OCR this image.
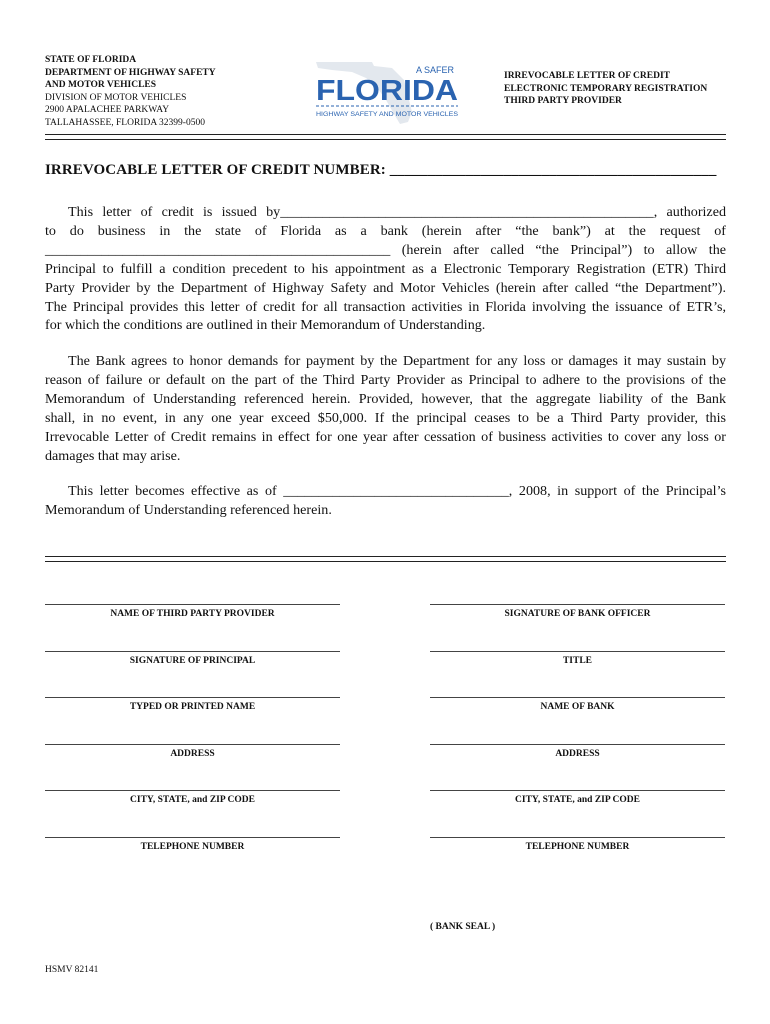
STATE OF FLORIDA
DEPARTMENT OF HIGHWAY SAFETY
AND MOTOR VEHICLES
DIVISION OF MOTOR VEHICLES
2900 APALACHEE PARKWAY
TALLAHASSEE, FLORIDA 32399-0500
A SAFER
FLORIDA
HIGHWAY SAFETY AND MOTOR VEHICLES
IRREVOCABLE LETTER OF CREDIT
ELECTRONIC TEMPORARY REGISTRATION
THIRD PARTY PROVIDER
IRREVOCABLE LETTER OF CREDIT NUMBER: ___________________________________________
This letter of credit is issued by_____________________________________________________, authorized
to do business in the state of Florida as a bank (herein after “the bank”) at the request of
_________________________________________________ (herein after called “the Principal”) to allow the
Principal to fulfill a condition precedent to his appointment as a Electronic Temporary Registration (ETR) Third
Party Provider by the Department of Highway Safety and Motor Vehicles (herein after called “the Department”).
The Principal provides this letter of credit for all transaction activities in Florida involving the issuance of ETR’s,
for which the conditions are outlined in their Memorandum of Understanding.
The Bank agrees to honor demands for payment by the Department for any loss or damages it may sustain by
reason of failure or default on the part of the Third Party Provider as Principal to adhere to the provisions of the
Memorandum of Understanding referenced herein. Provided, however, that the aggregate liability of the Bank
shall, in no event, in any one year exceed $50,000. If the principal ceases to be a Third Party provider, this
Irrevocable Letter of Credit remains in effect for one year after cessation of business activities to cover any loss or
damages that may arise.
This letter becomes effective as of ________________________________, 2008, in support of the Principal’s
Memorandum of Understanding referenced herein.
NAME OF THIRD PARTY PROVIDER
SIGNATURE OF PRINCIPAL
TYPED OR PRINTED NAME
ADDRESS
CITY, STATE, and ZIP CODE
TELEPHONE NUMBER
SIGNATURE OF BANK OFFICER
TITLE
NAME OF BANK
ADDRESS
CITY, STATE, and ZIP CODE
TELEPHONE NUMBER
( BANK SEAL )
HSMV 82141
